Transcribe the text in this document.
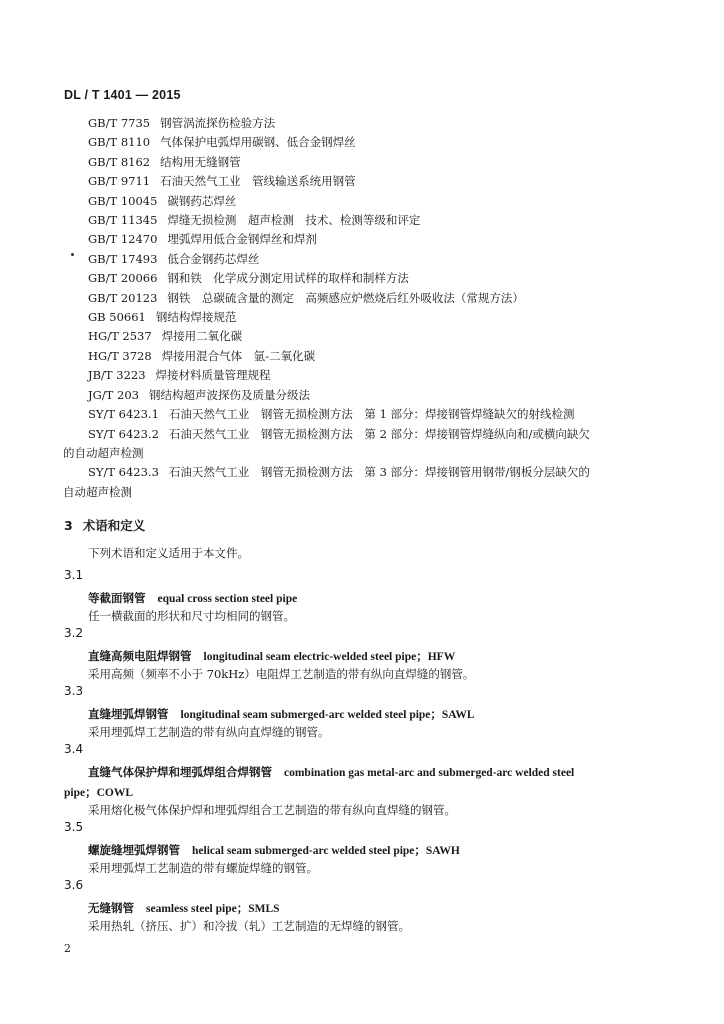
DL / T 1401 — 2015
GB/T 7735 钢管涡流探伤检验方法
GB/T 8110 气体保护电弧焊用碳钢、低合金钢焊丝
GB/T 8162 结构用无缝钢管
GB/T 9711 石油天然气工业　管线输送系统用钢管
GB/T 10045 碳钢药芯焊丝
GB/T 11345 焊缝无损检测　超声检测　技术、检测等级和评定
GB/T 12470 埋弧焊用低合金钢焊丝和焊剂
GB/T 17493 低合金钢药芯焊丝
GB/T 20066 钢和铁　化学成分测定用试样的取样和制样方法
GB/T 20123 钢铁　总碳硫含量的测定　高频感应炉燃烧后红外吸收法（常规方法）
GB 50661 钢结构焊接规范
HG/T 2537 焊接用二氧化碳
HG/T 3728 焊接用混合气体　氩-二氧化碳
JB/T 3223 焊接材料质量管理规程
JG/T 203 钢结构超声波探伤及质量分级法
SY/T 6423.1 石油天然气工业　钢管无损检测方法　第 1 部分：焊接钢管焊缝缺欠的射线检测
SY/T 6423.2 石油天然气工业　钢管无损检测方法　第 2 部分：焊接钢管焊缝纵向和/或横向缺欠
的自动超声检测
SY/T 6423.3 石油天然气工业　钢管无损检测方法　第 3 部分：焊接钢管用钢带/钢板分层缺欠的
自动超声检测
3 术语和定义
下列术语和定义适用于本文件。
3.1
等截面钢管 equal cross section steel pipe
任一横截面的形状和尺寸均相同的钢管。
3.2
直缝高频电阻焊钢管 longitudinal seam electric-welded steel pipe；HFW
采用高频（频率不小于 70kHz）电阻焊工艺制造的带有纵向直焊缝的钢管。
3.3
直缝埋弧焊钢管 longitudinal seam submerged-arc welded steel pipe；SAWL
采用埋弧焊工艺制造的带有纵向直焊缝的钢管。
3.4
直缝气体保护焊和埋弧焊组合焊钢管 combination gas metal-arc and submerged-arc welded steel
pipe；COWL
采用熔化极气体保护焊和埋弧焊组合工艺制造的带有纵向直焊缝的钢管。
3.5
螺旋缝埋弧焊钢管 helical seam submerged-arc welded steel pipe；SAWH
采用埋弧焊工艺制造的带有螺旋焊缝的钢管。
3.6
无缝钢管 seamless steel pipe；SMLS
采用热轧（挤压、扩）和冷拔（轧）工艺制造的无焊缝的钢管。
2
